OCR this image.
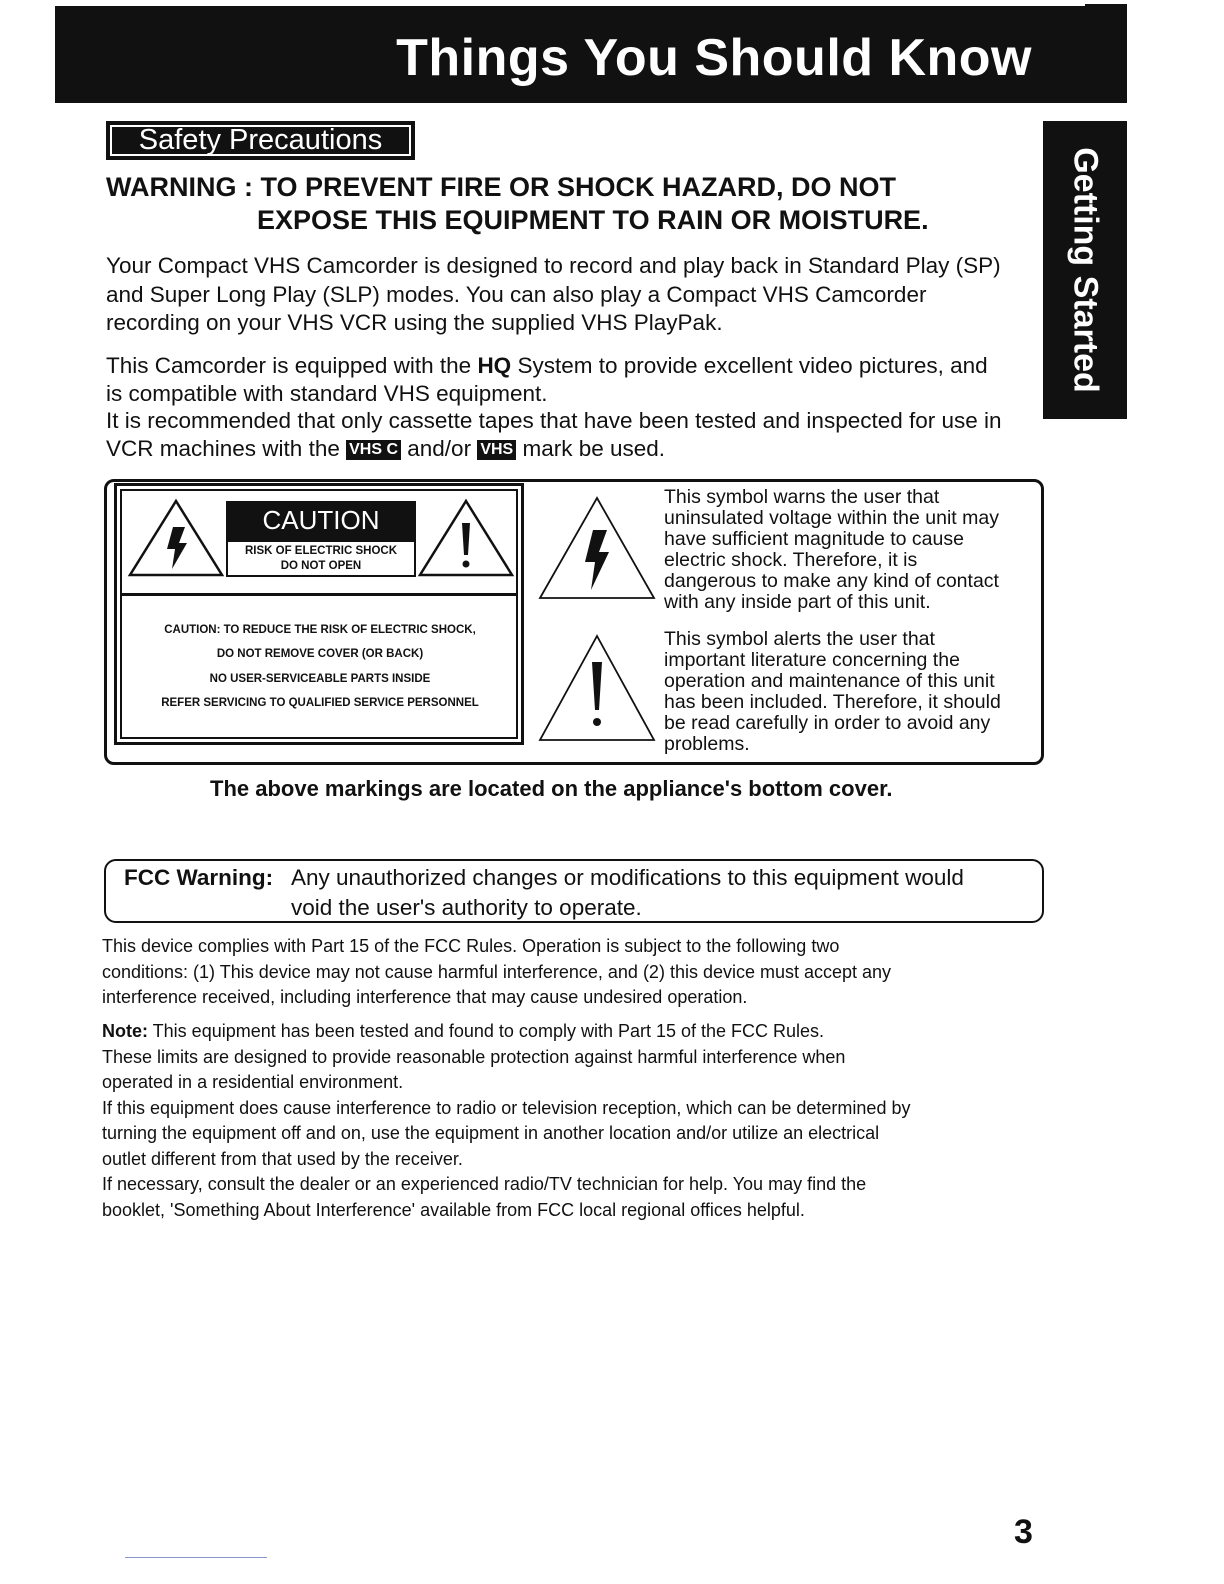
Things You Should Know
Getting Started
Safety Precautions
WARNING : TO PREVENT FIRE OR SHOCK HAZARD, DO NOT
EXPOSE THIS EQUIPMENT TO RAIN OR MOISTURE.
Your Compact VHS Camcorder is designed to record and play back in Standard Play (SP)
and Super Long Play (SLP) modes. You can also play a Compact VHS Camcorder
recording on your VHS VCR using the supplied VHS PlayPak.
This Camcorder is equipped with the HQ System to provide excellent video pictures, and
is compatible with standard VHS equipment.
It is recommended that only cassette tapes that have been tested and inspected for use in
VCR machines with the VHS C and/or VHS mark be used.
CAUTION
RISK OF ELECTRIC SHOCK
DO NOT OPEN
CAUTION: TO REDUCE THE RISK OF ELECTRIC SHOCK,
DO NOT REMOVE COVER (OR BACK)
NO USER-SERVICEABLE PARTS INSIDE
REFER SERVICING TO QUALIFIED SERVICE PERSONNEL
This symbol warns the user that
uninsulated voltage within the unit may
have sufficient magnitude to cause
electric shock. Therefore, it is
dangerous to make any kind of contact
with any inside part of this unit.
This symbol alerts the user that
important literature concerning the
operation and maintenance of this unit
has been included. Therefore, it should
be read carefully in order to avoid any
problems.
The above markings are located on the appliance's bottom cover.
FCC Warning: Any unauthorized changes or modifications to this equipment would
void the user's authority to operate.
This device complies with Part 15 of the FCC Rules. Operation is subject to the following two
conditions: (1) This device may not cause harmful interference, and (2) this device must accept any
interference received, including interference that may cause undesired operation.
Note: This equipment has been tested and found to comply with Part 15 of the FCC Rules.
These limits are designed to provide reasonable protection against harmful interference when
operated in a residential environment.
If this equipment does cause interference to radio or television reception, which can be determined by
turning the equipment off and on, use the equipment in another location and/or utilize an electrical
outlet different from that used by the receiver.
If necessary, consult the dealer or an experienced radio/TV technician for help. You may find the
booklet, 'Something About Interference' available from FCC local regional offices helpful.
3
